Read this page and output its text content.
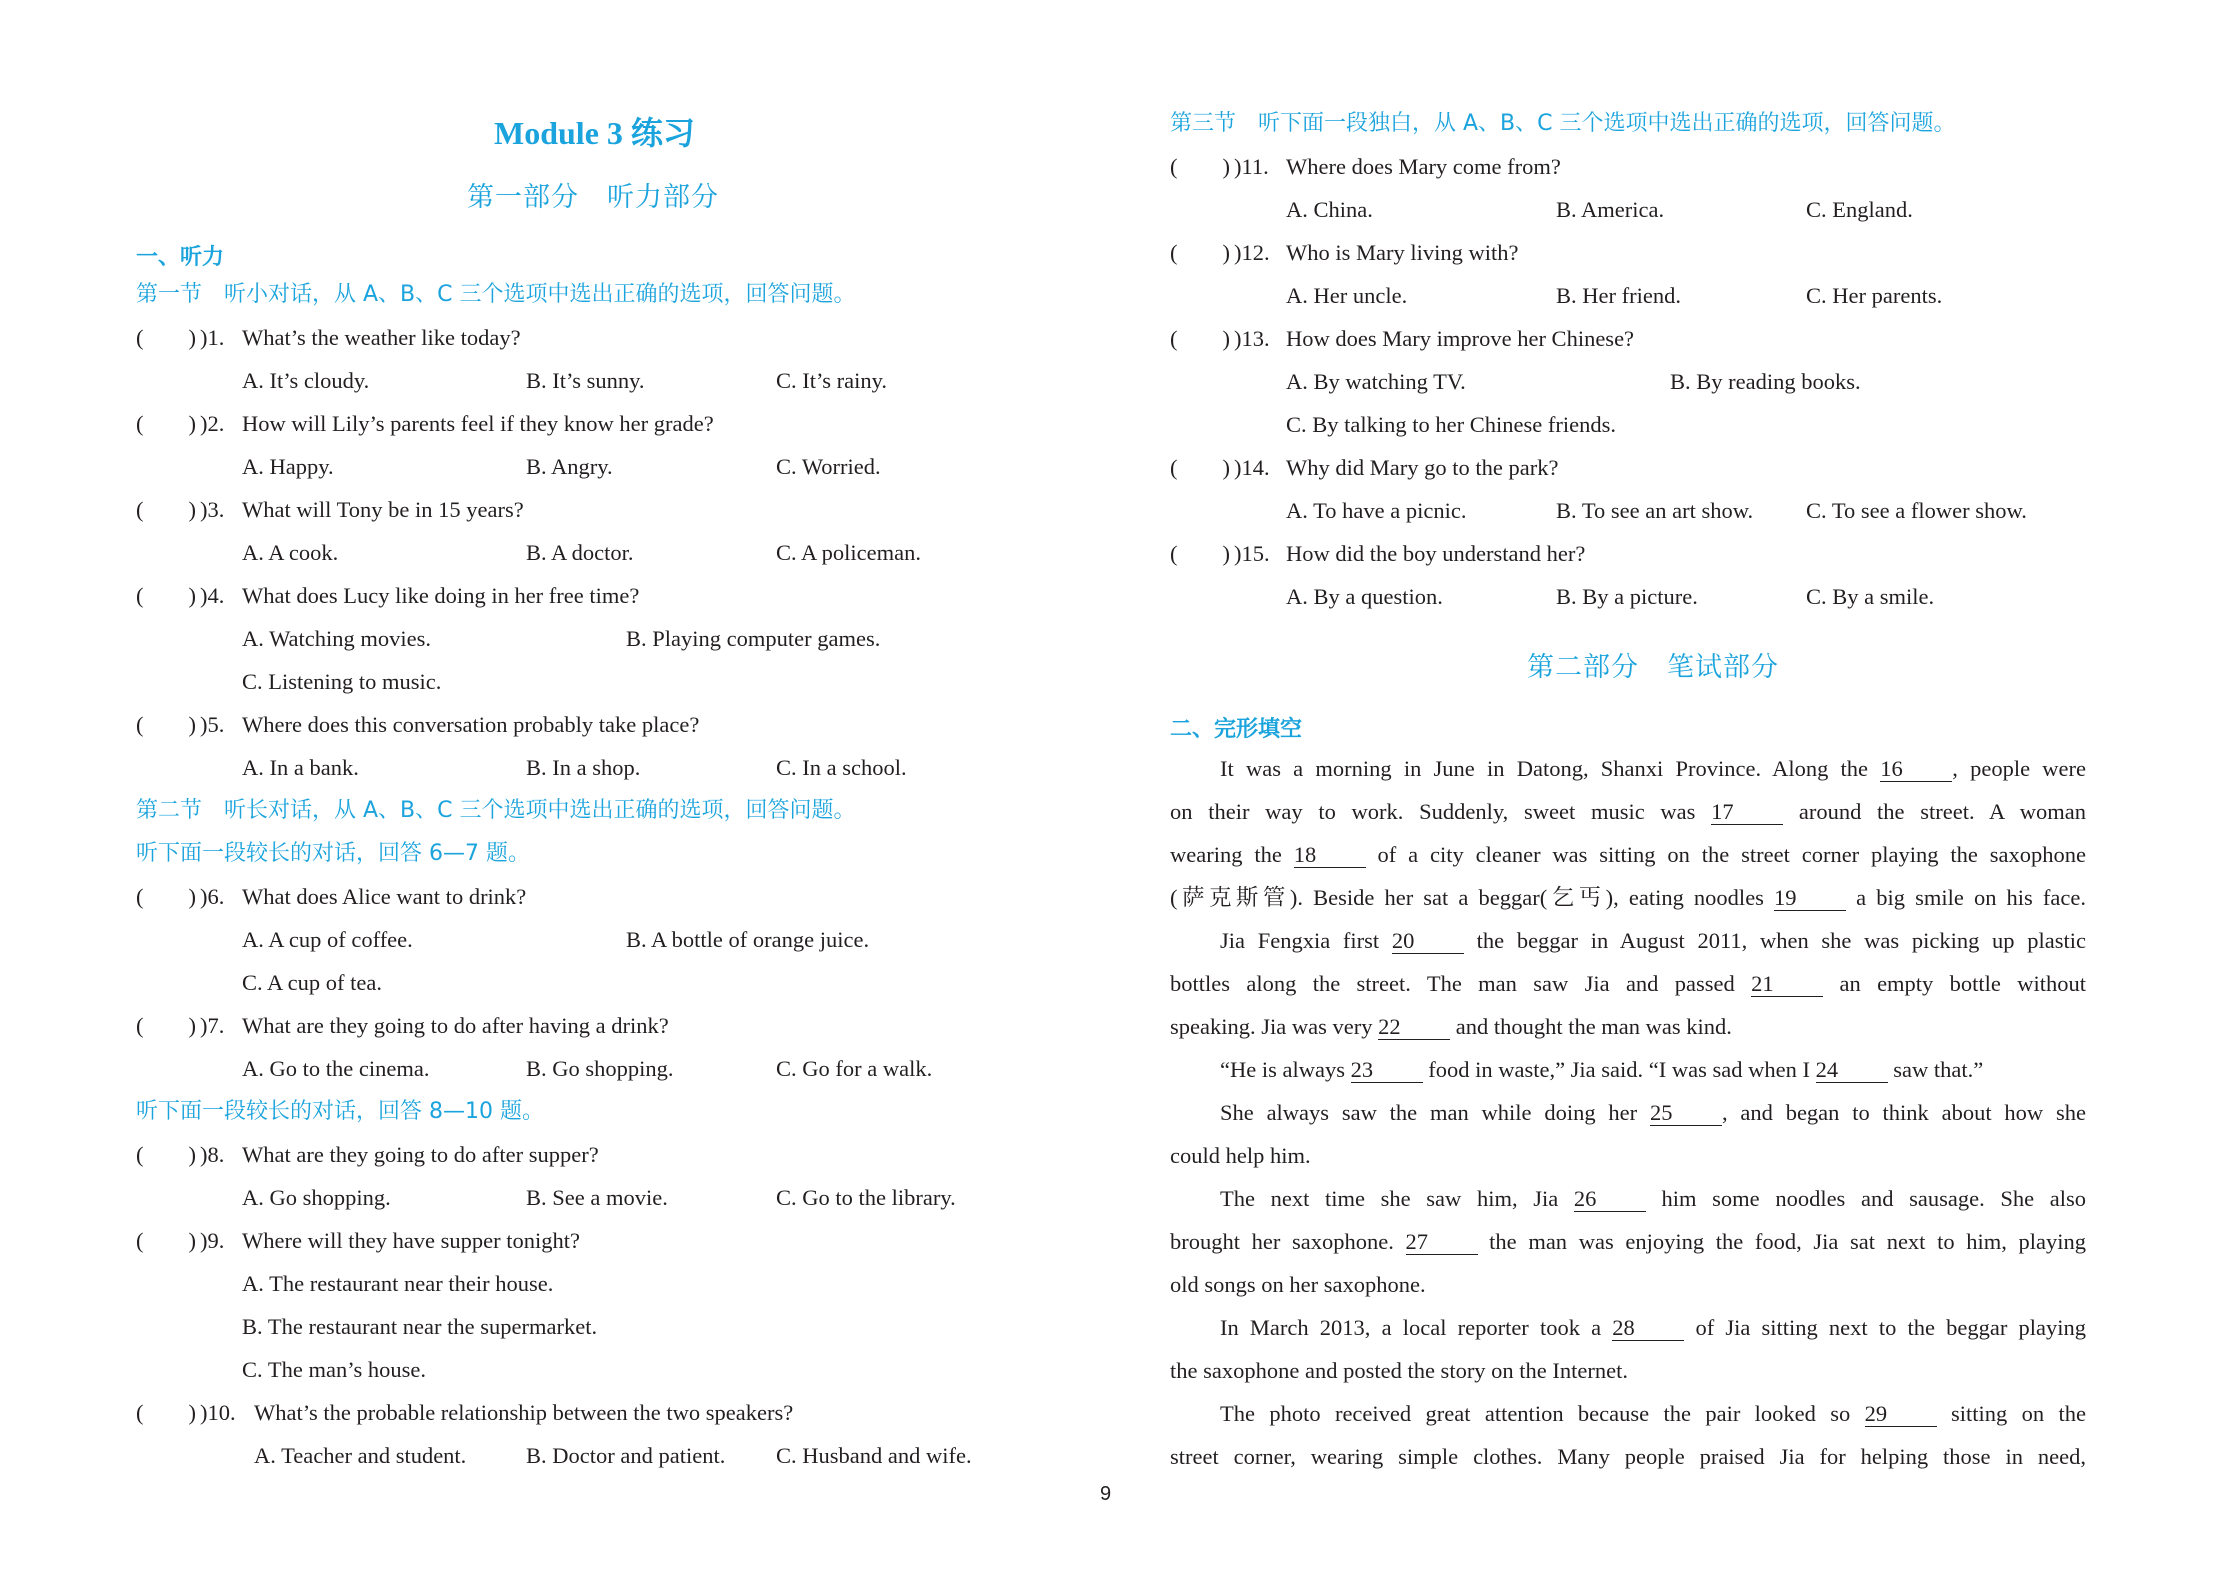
Module 3 练习
第一部分　听力部分
一、听力
第一节　听小对话，从 A、B、C 三个选项中选出正确的选项，回答问题。
(　　) )1. What’s the weather like today?
A. It’s cloudy.	B. It’s sunny.	C. It’s rainy.
(　　) )2. How will Lily’s parents feel if they know her grade?
A. Happy.	B. Angry.	C. Worried.
(　　) )3. What will Tony be in 15 years?
A. A cook.	B. A doctor.	C. A policeman.
(　　) )4. What does Lucy like doing in her free time?
A. Watching movies.	B. Playing computer games.
C. Listening to music.
(　　) )5. Where does this conversation probably take place?
A. In a bank.	B. In a shop.	C. In a school.
第二节　听长对话，从 A、B、C 三个选项中选出正确的选项，回答问题。
听下面一段较长的对话，回答 6—7 题。
(　　) )6. What does Alice want to drink?
A. A cup of coffee.	B. A bottle of orange juice.
C. A cup of tea.
(　　) )7. What are they going to do after having a drink?
A. Go to the cinema.	B. Go shopping.	C. Go for a walk.
听下面一段较长的对话，回答 8—10 题。
(　　) )8. What are they going to do after supper?
A. Go shopping.	B. See a movie.	C. Go to the library.
(　　) )9. Where will they have supper tonight?
A. The restaurant near their house.
B. The restaurant near the supermarket.
C. The man’s house.
(　　) )10. What’s the probable relationship between the two speakers?
A. Teacher and student.	B. Doctor and patient. C. Husband and wife.
第三节　听下面一段独白，从 A、B、C 三个选项中选出正确的选项，回答问题。
(　　) )11. Where does Mary come from?
A. China.	B. America.	C. England.
(　　) )12. Who is Mary living with?
A. Her uncle.	B. Her friend.	C. Her parents.
(　　) )13. How does Mary improve her Chinese?
A. By watching TV.	B. By reading books.
C. By talking to her Chinese friends.
(　　) )14. Why did Mary go to the park?
A. To have a picnic.	B. To see an art show. C. To see a flower show.
(　　) )15. How did the boy understand her?
A. By a question.	B. By a picture.	C. By a smile.
第二部分　笔试部分
二、完形填空
It was a morning in June in Datong, Shanxi Province. Along the 16 , people were
on their way to work. Suddenly, sweet music was 17 around the street. A woman
wearing the 18 of a city cleaner was sitting on the street corner playing the saxophone
(萨克斯管). Beside her sat a beggar(乞丐), eating noodles 19 a big smile on his face.
Jia Fengxia first 20 the beggar in August 2011, when she was picking up plastic
bottles along the street. The man saw Jia and passed 21 an empty bottle without
speaking. Jia was very 22 and thought the man was kind.
“He is always 23 food in waste,” Jia said. “I was sad when I 24 saw that.”
She always saw the man while doing her 25 , and began to think about how she
could help him.
The next time she saw him, Jia 26 him some noodles and sausage. She also
brought her saxophone. 27 the man was enjoying the food, Jia sat next to him, playing
old songs on her saxophone.
In March 2013, a local reporter took a 28 of Jia sitting next to the beggar playing
the saxophone and posted the story on the Internet.
The photo received great attention because the pair looked so 29 sitting on the
street corner, wearing simple clothes. Many people praised Jia for helping those in need,
9
